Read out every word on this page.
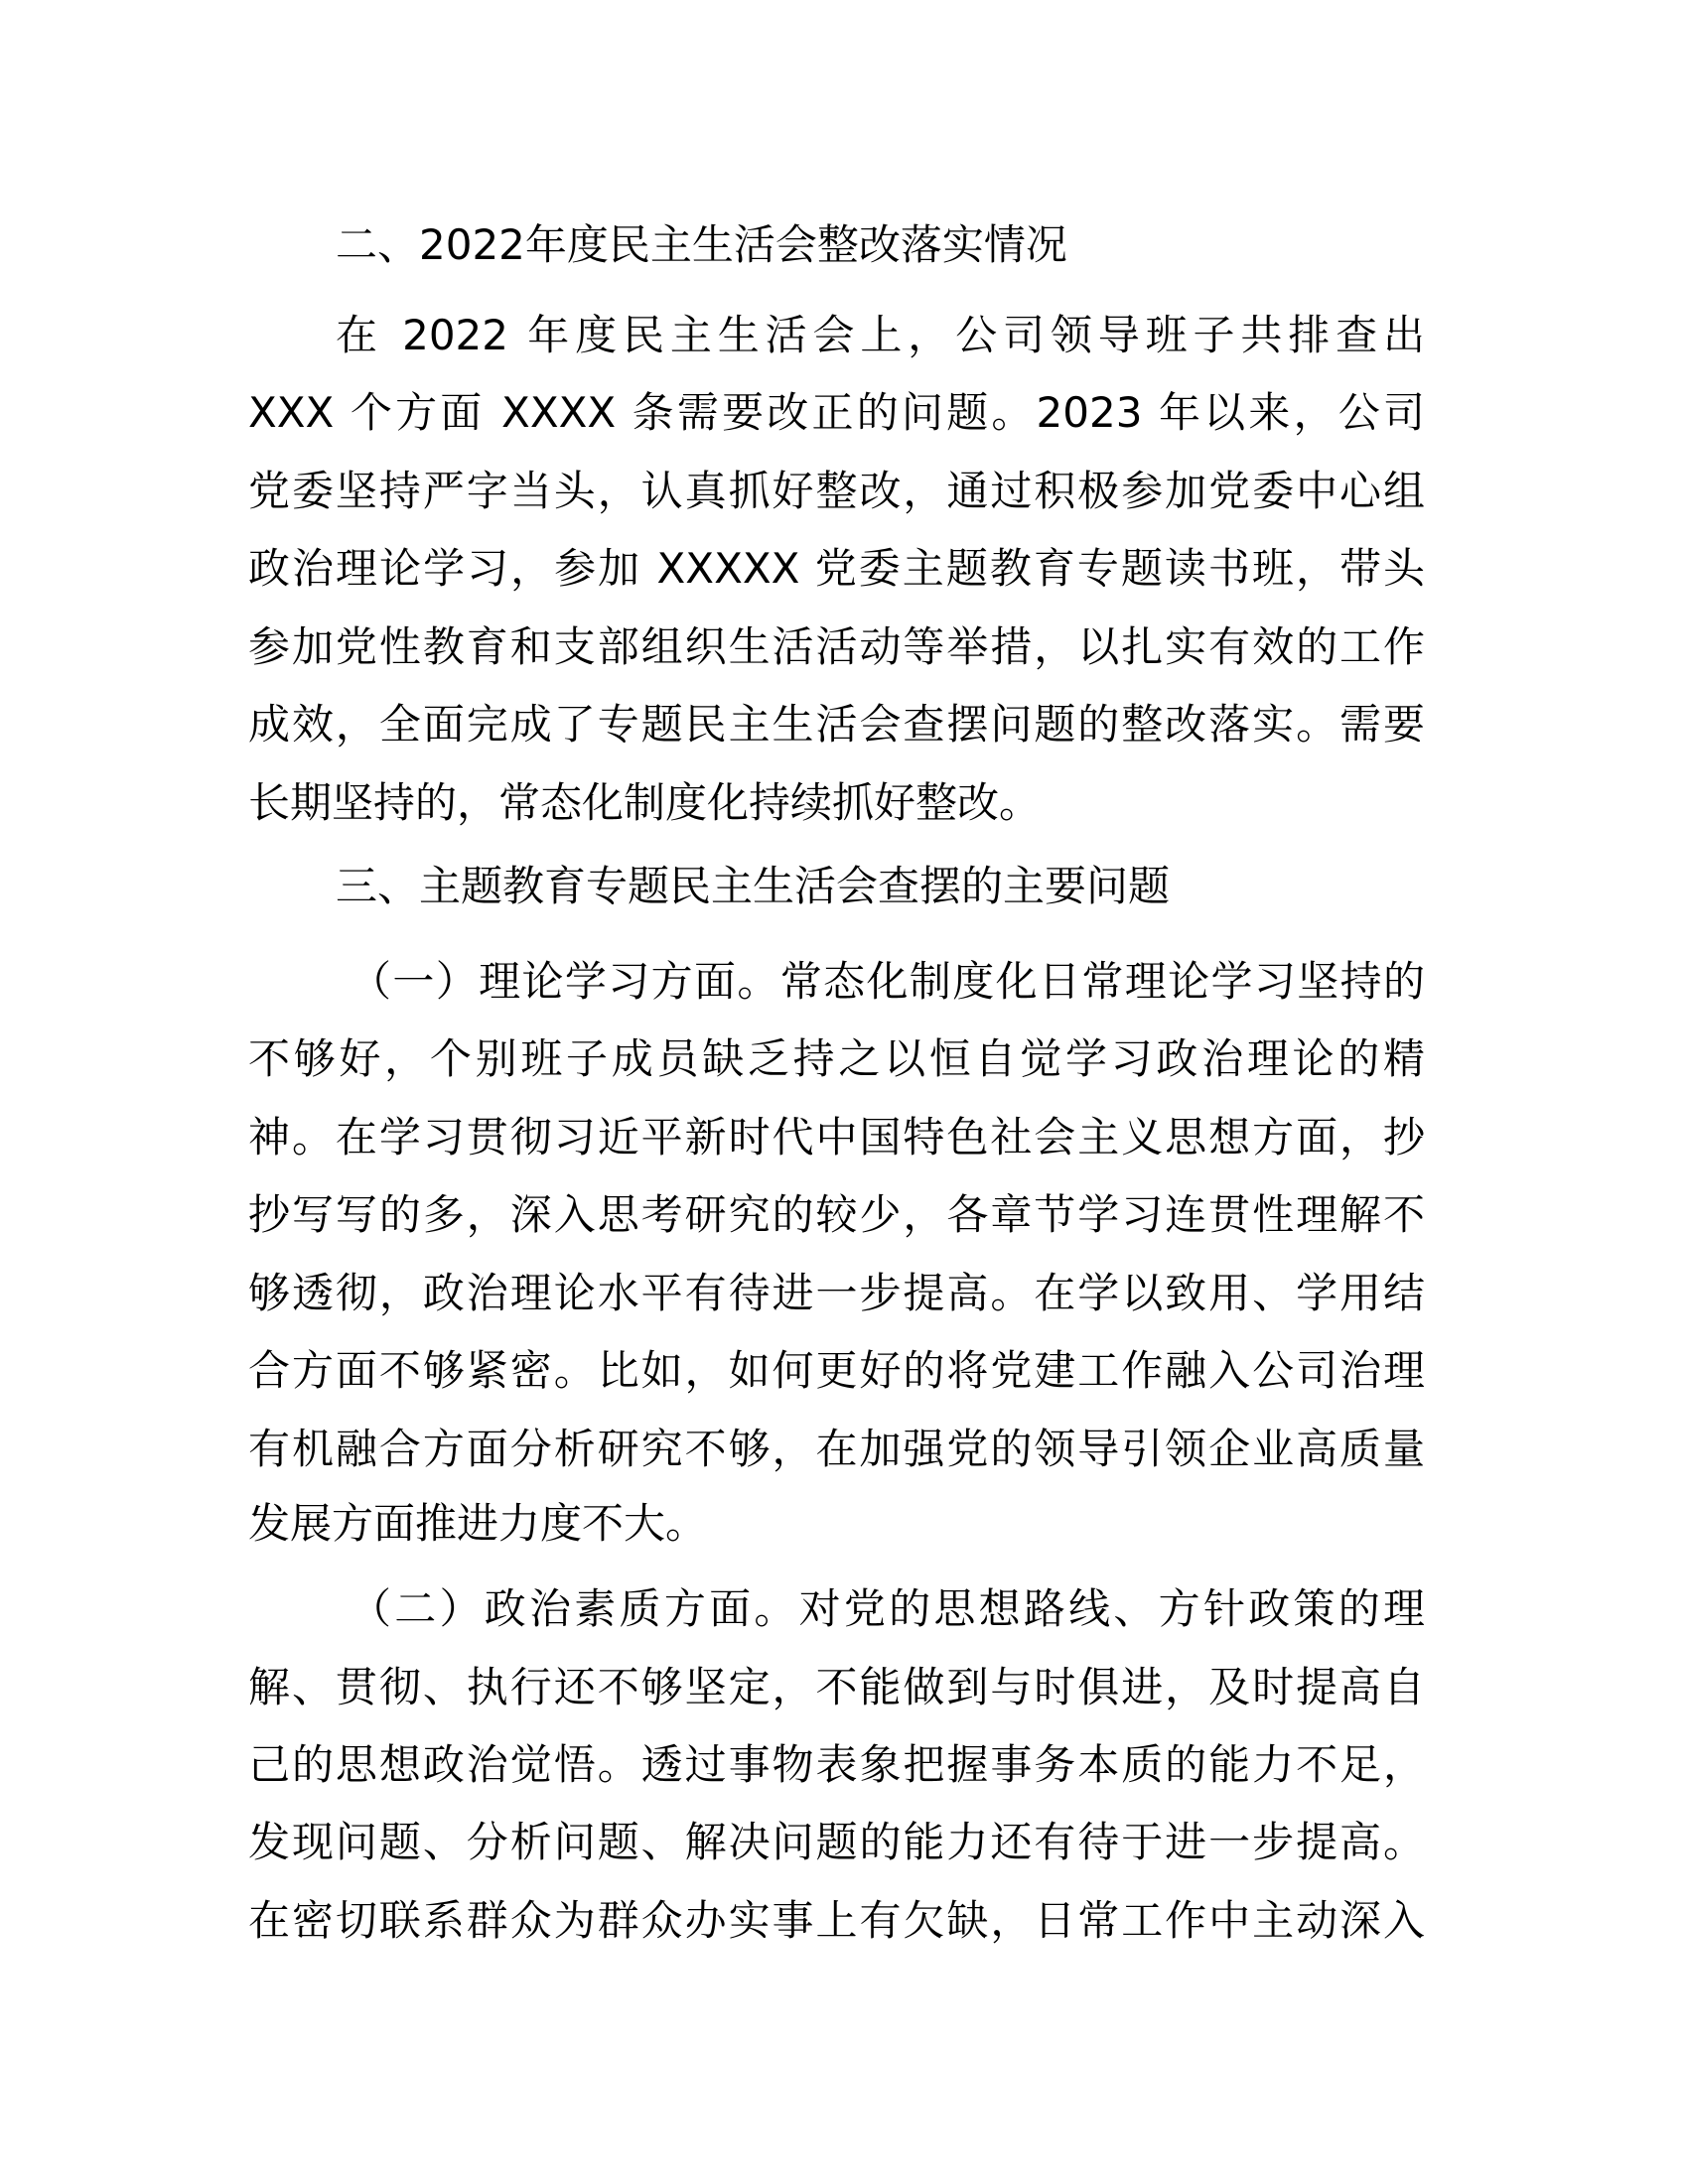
二、2022年度民主生活会整改落实情况
在 2022 年度民主生活会上，公司领导班子共排查出
XXX 个方面 XXXX 条需要改正的问题。2023 年以来，公司
党委坚持严字当头，认真抓好整改，通过积极参加党委中心组
政治理论学习，参加 XXXXX 党委主题教育专题读书班，带头
参加党性教育和支部组织生活活动等举措，以扎实有效的工作
成效，全面完成了专题民主生活会查摆问题的整改落实。需要
长期坚持的，常态化制度化持续抓好整改。
三、主题教育专题民主生活会查摆的主要问题
（一）理论学习方面。常态化制度化日常理论学习坚持的
不够好，个别班子成员缺乏持之以恒自觉学习政治理论的精
神。在学习贯彻习近平新时代中国特色社会主义思想方面，抄
抄写写的多，深入思考研究的较少，各章节学习连贯性理解不
够透彻，政治理论水平有待进一步提高。在学以致用、学用结
合方面不够紧密。比如，如何更好的将党建工作融入公司治理
有机融合方面分析研究不够，在加强党的领导引领企业高质量
发展方面推进力度不大。
（二）政治素质方面。对党的思想路线、方针政策的理
解、贯彻、执行还不够坚定，不能做到与时俱进，及时提高自
己的思想政治觉悟。透过事物表象把握事务本质的能力不足，
发现问题、分析问题、解决问题的能力还有待于进一步提高。
在密切联系群众为群众办实事上有欠缺，日常工作中主动深入
